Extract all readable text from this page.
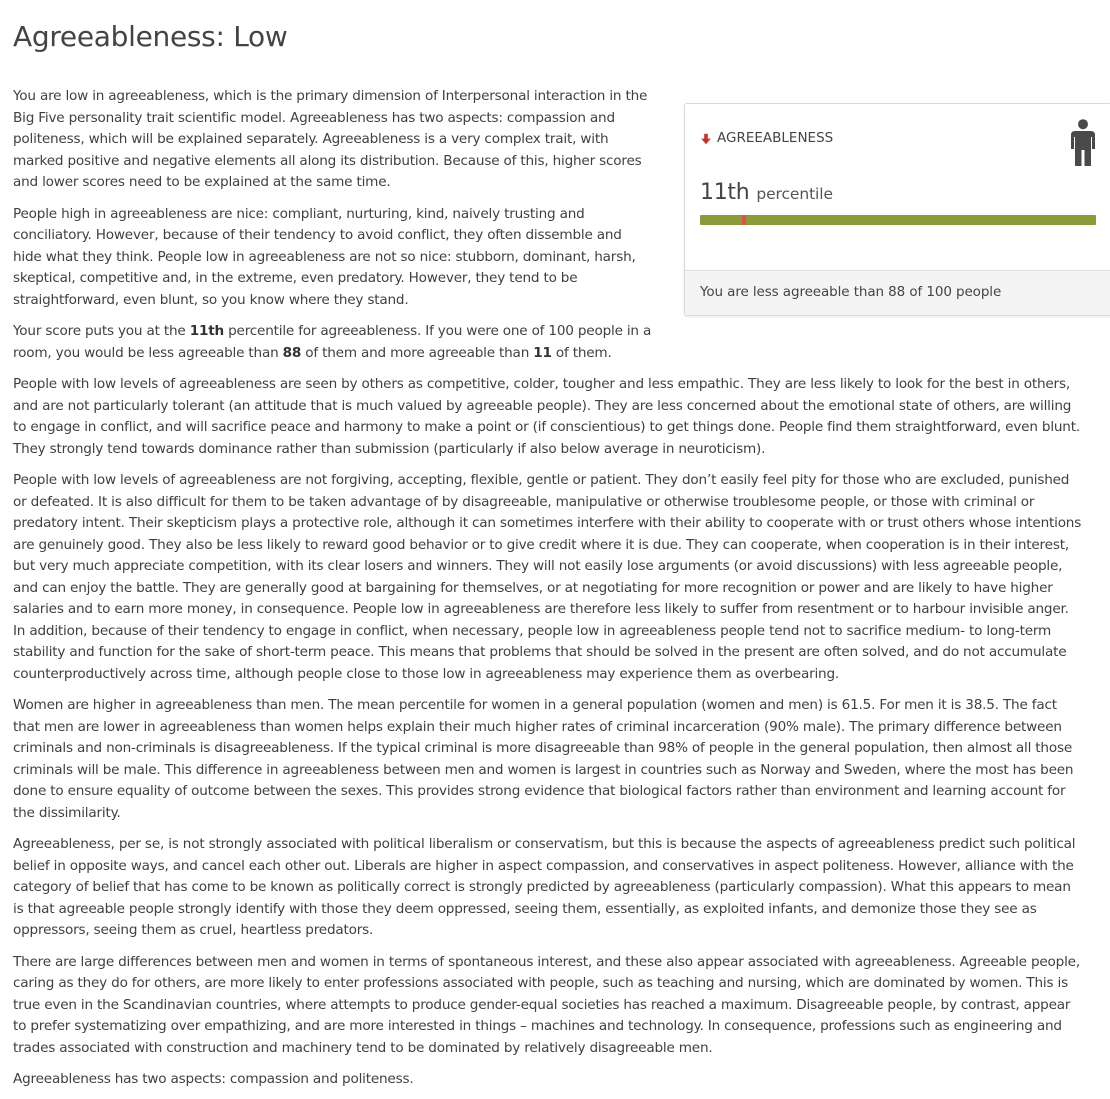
Agreeableness: Low
AGREEABLENESS
11th percentile
You are less agreeable than 88 of 100 people

You are low in agreeableness, which is the primary dimension of Interpersonal interaction in the Big Five personality trait scientific model. Agreeableness has two aspects: compassion and politeness, which will be explained separately. Agreeableness is a very complex trait, with marked positive and negative elements all along its distribution. Because of this, higher scores and lower scores need to be explained at the same time.

People high in agreeableness are nice: compliant, nurturing, kind, naively trusting and conciliatory. However, because of their tendency to avoid conflict, they often dissemble and hide what they think. People low in agreeableness are not so nice: stubborn, dominant, harsh, skeptical, competitive and, in the extreme, even predatory. However, they tend to be straightforward, even blunt, so you know where they stand.

Your score puts you at the 11th percentile for agreeableness. If you were one of 100 people in a room, you would be less agreeable than 88 of them and more agreeable than 11 of them.

People with low levels of agreeableness are seen by others as competitive, colder, tougher and less empathic. They are less likely to look for the best in others, and are not particularly tolerant (an attitude that is much valued by agreeable people). They are less concerned about the emotional state of others, are willing to engage in conflict, and will sacrifice peace and harmony to make a point or (if conscientious) to get things done. People find them straightforward, even blunt. They strongly tend towards dominance rather than submission (particularly if also below average in neuroticism).

People with low levels of agreeableness are not forgiving, accepting, flexible, gentle or patient. They don’t easily feel pity for those who are excluded, punished or defeated. It is also difficult for them to be taken advantage of by disagreeable, manipulative or otherwise troublesome people, or those with criminal or predatory intent. Their skepticism plays a protective role, although it can sometimes interfere with their ability to cooperate with or trust others whose intentions are genuinely good. They also be less likely to reward good behavior or to give credit where it is due. They can cooperate, when cooperation is in their interest, but very much appreciate competition, with its clear losers and winners. They will not easily lose arguments (or avoid discussions) with less agreeable people, and can enjoy the battle. They are generally good at bargaining for themselves, or at negotiating for more recognition or power and are likely to have higher salaries and to earn more money, in consequence. People low in agreeableness are therefore less likely to suffer from resentment or to harbour invisible anger. In addition, because of their tendency to engage in conflict, when necessary, people low in agreeableness people tend not to sacrifice medium- to long-term stability and function for the sake of short-term peace. This means that problems that should be solved in the present are often solved, and do not accumulate counterproductively across time, although people close to those low in agreeableness may experience them as overbearing.

Women are higher in agreeableness than men. The mean percentile for women in a general population (women and men) is 61.5. For men it is 38.5. The fact that men are lower in agreeableness than women helps explain their much higher rates of criminal incarceration (90% male). The primary difference between criminals and non-criminals is disagreeableness. If the typical criminal is more disagreeable than 98% of people in the general population, then almost all those criminals will be male. This difference in agreeableness between men and women is largest in countries such as Norway and Sweden, where the most has been done to ensure equality of outcome between the sexes. This provides strong evidence that biological factors rather than environment and learning account for the dissimilarity.

Agreeableness, per se, is not strongly associated with political liberalism or conservatism, but this is because the aspects of agreeableness predict such political belief in opposite ways, and cancel each other out. Liberals are higher in aspect compassion, and conservatives in aspect politeness. However, alliance with the category of belief that has come to be known as politically correct is strongly predicted by agreeableness (particularly compassion). What this appears to mean is that agreeable people strongly identify with those they deem oppressed, seeing them, essentially, as exploited infants, and demonize those they see as oppressors, seeing them as cruel, heartless predators.

There are large differences between men and women in terms of spontaneous interest, and these also appear associated with agreeableness. Agreeable people, caring as they do for others, are more likely to enter professions associated with people, such as teaching and nursing, which are dominated by women. This is true even in the Scandinavian countries, where attempts to produce gender-equal societies has reached a maximum. Disagreeable people, by contrast, appear to prefer systematizing over empathizing, and are more interested in things – machines and technology. In consequence, professions such as engineering and trades associated with construction and machinery tend to be dominated by relatively disagreeable men.

Agreeableness has two aspects: compassion and politeness.
